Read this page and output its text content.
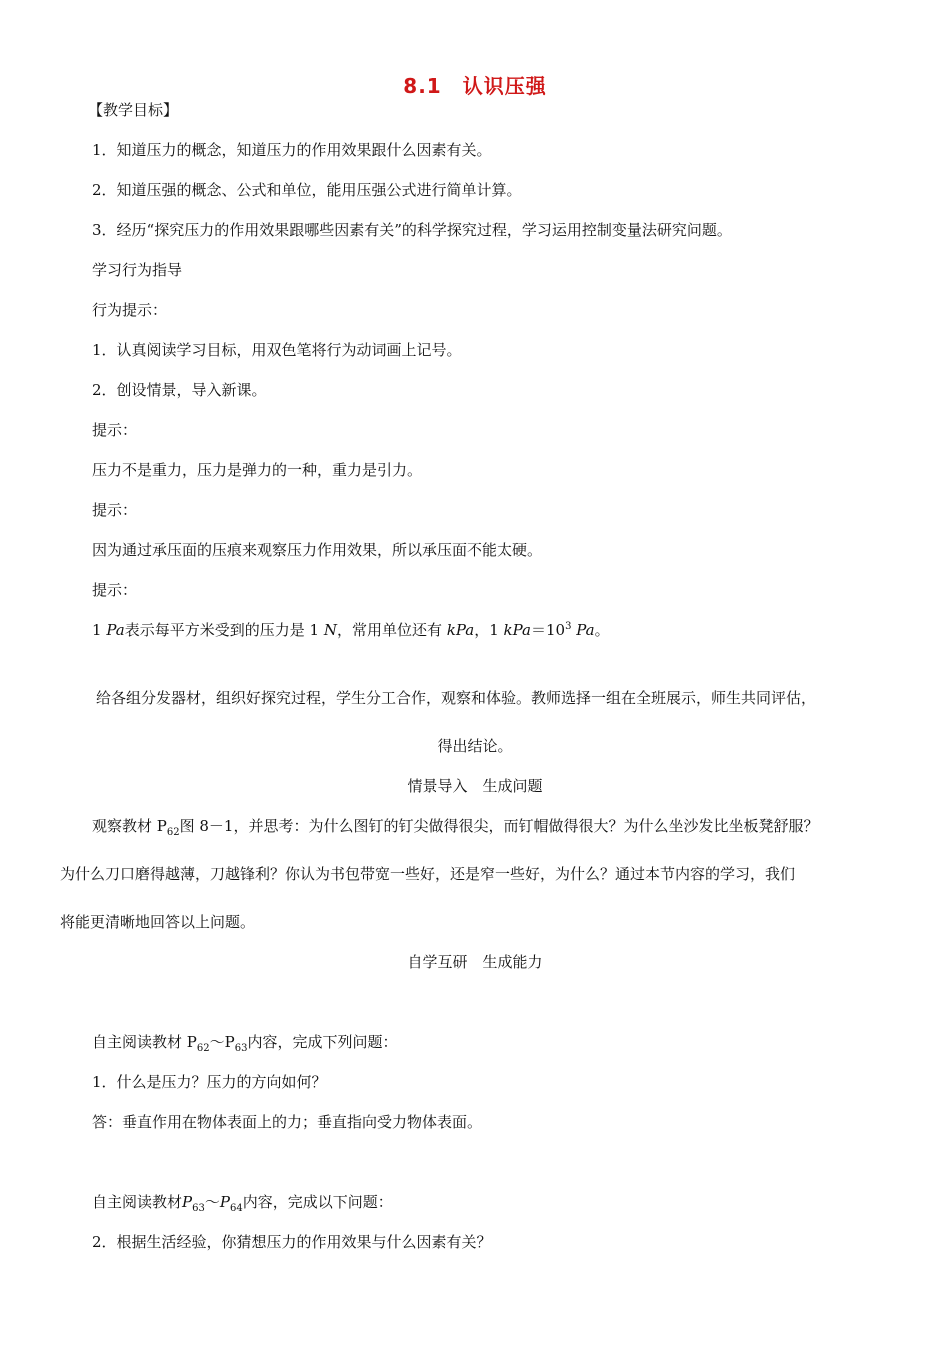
8.1　认识压强
【教学目标】
1．知道压力的概念，知道压力的作用效果跟什么因素有关。
2．知道压强的概念、公式和单位，能用压强公式进行简单计算。
3．经历“探究压力的作用效果跟哪些因素有关”的科学探究过程，学习运用控制变量法研究问题。
学习行为指导
行为提示：
1．认真阅读学习目标，用双色笔将行为动词画上记号。
2．创设情景，导入新课。
提示：
压力不是重力，压力是弹力的一种，重力是引力。
提示：
因为通过承压面的压痕来观察压力作用效果，所以承压面不能太硬。
提示：
1 Pa表示每平方米受到的压力是 1 N，常用单位还有 kPa，1 $kPa=10^3$ Pa。
给各组分发器材，组织好探究过程，学生分工合作，观察和体验。教师选择一组在全班展示，师生共同评估，
得出结论。
情景导入　生成问题
观察教材 $P_{62}$图 8－1，并思考：为什么图钉的钉尖做得很尖，而钉帽做得很大？为什么坐沙发比坐板凳舒服？
为什么刀口磨得越薄，刀越锋利？你认为书包带宽一些好，还是窄一些好，为什么？通过本节内容的学习，我们
将能更清晰地回答以上问题。
自学互研　生成能力
自主阅读教材 $P_{62}\sim P_{63}$内容，完成下列问题：
1．什么是压力？压力的方向如何？
答：垂直作用在物体表面上的力；垂直指向受力物体表面。
自主阅读教材$P_{63}\sim P_{64}$内容，完成以下问题：
2．根据生活经验，你猜想压力的作用效果与什么因素有关？
